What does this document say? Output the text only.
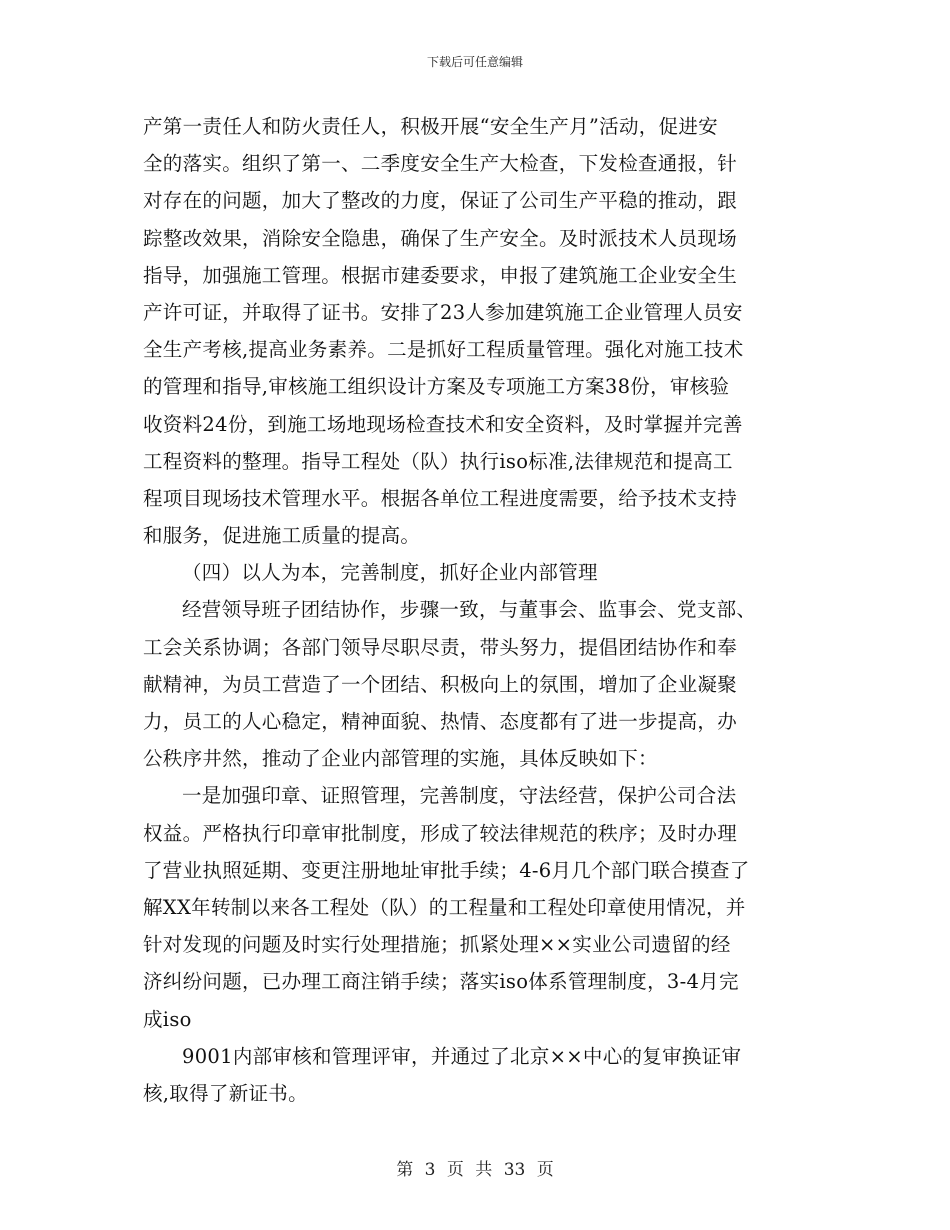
下载后可任意编辑
产第一责任人和防火责任人，积极开展“安全生产月”活动，促进安
全的落实。组织了第一、二季度安全生产大检查，下发检查通报，针
对存在的问题，加大了整改的力度，保证了公司生产平稳的推动，跟
踪整改效果，消除安全隐患，确保了生产安全。及时派技术人员现场
指导，加强施工管理。根据市建委要求，申报了建筑施工企业安全生
产许可证，并取得了证书。安排了23人参加建筑施工企业管理人员安
全生产考核,提高业务素养。二是抓好工程质量管理。强化对施工技术
的管理和指导,审核施工组织设计方案及专项施工方案38份，审核验
收资料24份，到施工场地现场检查技术和安全资料，及时掌握并完善
工程资料的整理。指导工程处（队）执行iso标准,法律规范和提高工
程项目现场技术管理水平。根据各单位工程进度需要，给予技术支持
和服务，促进施工质量的提高。
（四）以人为本，完善制度，抓好企业内部管理
经营领导班子团结协作，步骤一致，与董事会、监事会、党支部、
工会关系协调；各部门领导尽职尽责，带头努力，提倡团结协作和奉
献精神，为员工营造了一个团结、积极向上的氛围，增加了企业凝聚
力，员工的人心稳定，精神面貌、热情、态度都有了进一步提高，办
公秩序井然，推动了企业内部管理的实施，具体反映如下：
一是加强印章、证照管理，完善制度，守法经营，保护公司合法
权益。严格执行印章审批制度，形成了较法律规范的秩序；及时办理
了营业执照延期、变更注册地址审批手续；4-6月几个部门联合摸查了
解XX年转制以来各工程处（队）的工程量和工程处印章使用情况，并
针对发现的问题及时实行处理措施；抓紧处理××实业公司遗留的经
济纠纷问题，已办理工商注销手续；落实iso体系管理制度，3-4月完
成iso
9001内部审核和管理评审，并通过了北京××中心的复审换证审
核,取得了新证书。
第 3 页 共 33 页
